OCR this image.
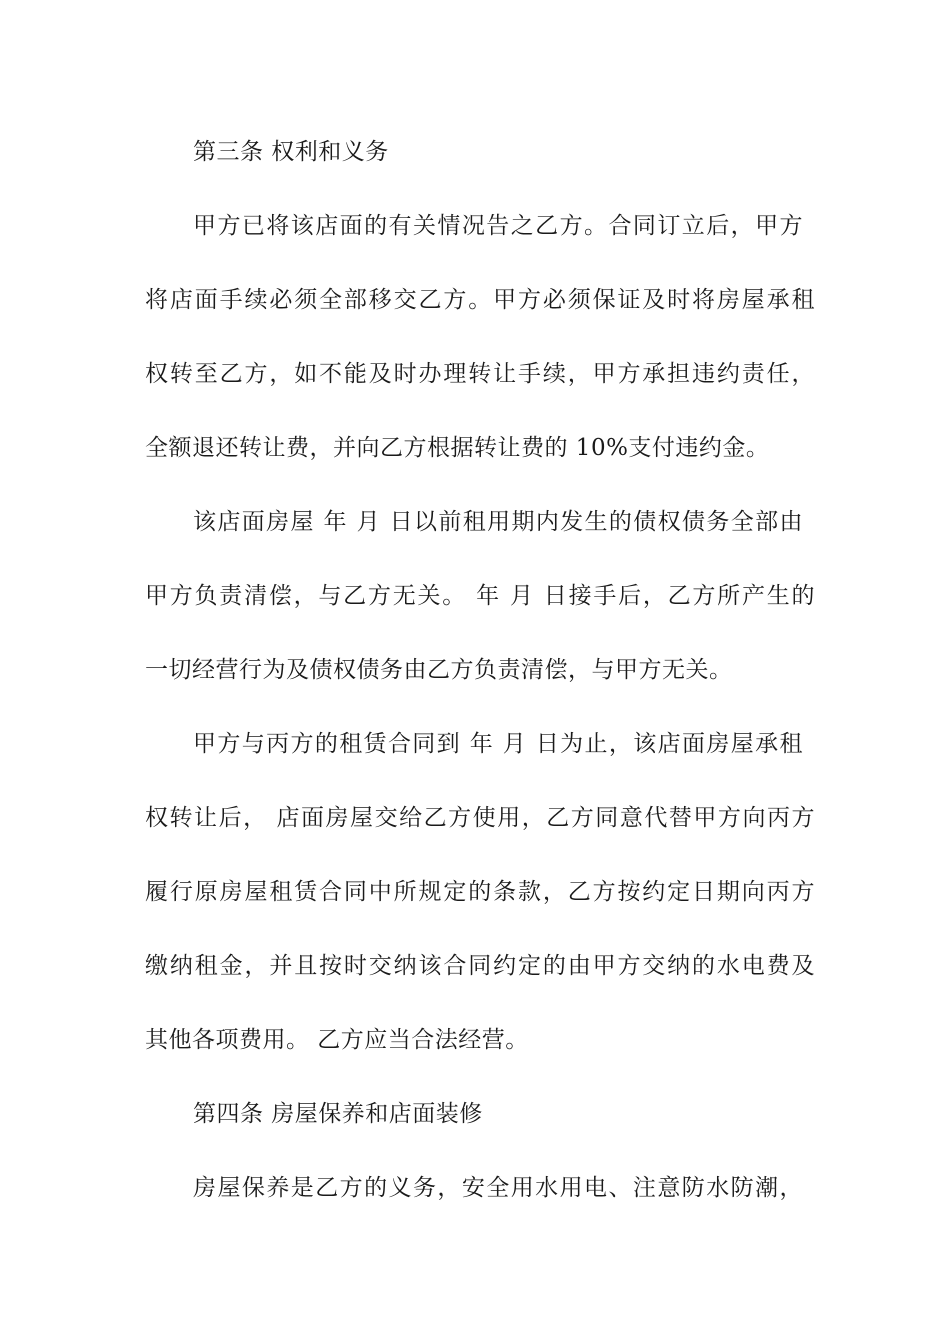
第三条 权利和义务
甲方已将该店面的有关情况告之乙方。合同订立后，甲方
将店面手续必须全部移交乙方。甲方必须保证及时将房屋承租
权转至乙方，如不能及时办理转让手续，甲方承担违约责任，
全额退还转让费，并向乙方根据转让费的 10%支付违约金。
该店面房屋 年 月 日以前租用期内发生的债权债务全部由
甲方负责清偿，与乙方无关。 年 月 日接手后，乙方所产生的
一切经营行为及债权债务由乙方负责清偿，与甲方无关。
甲方与丙方的租赁合同到 年 月 日为止，该店面房屋承租
权转让后， 店面房屋交给乙方使用，乙方同意代替甲方向丙方
履行原房屋租赁合同中所规定的条款，乙方按约定日期向丙方
缴纳租金，并且按时交纳该合同约定的由甲方交纳的水电费及
其他各项费用。 乙方应当合法经营。
第四条 房屋保养和店面装修
房屋保养是乙方的义务，安全用水用电、注意防水防潮，
